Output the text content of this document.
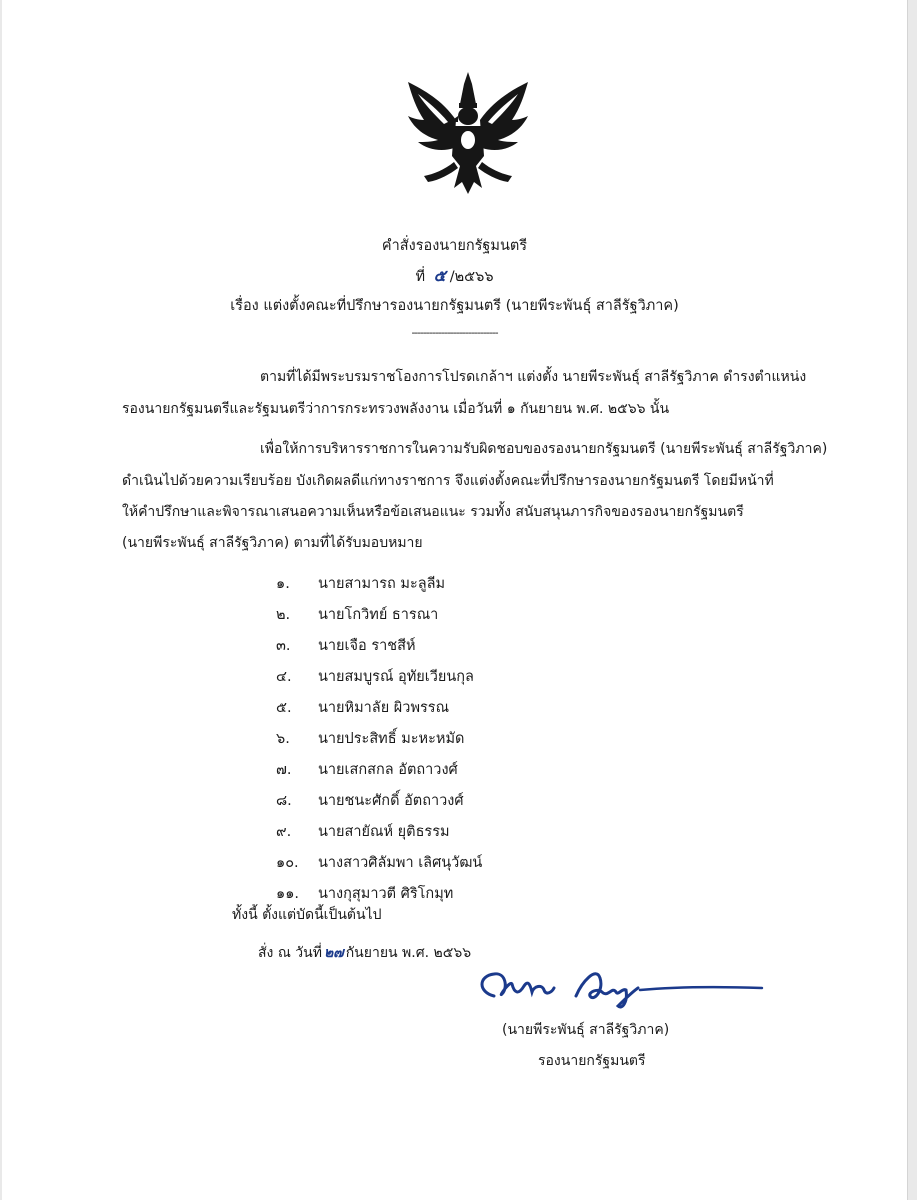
คำสั่งรองนายกรัฐมนตรี
ที่ ๕ /๒๕๖๖
เรื่อง แต่งตั้งคณะที่ปรึกษารองนายกรัฐมนตรี (นายพีระพันธุ์ สาลีรัฐวิภาค)
-----------------------------
ตามที่ได้มีพระบรมราชโองการโปรดเกล้าฯ แต่งตั้ง นายพีระพันธุ์ สาลีรัฐวิภาค ดำรงตำแหน่ง
รองนายกรัฐมนตรีและรัฐมนตรีว่าการกระทรวงพลังงาน เมื่อวันที่ ๑ กันยายน พ.ศ. ๒๕๖๖ นั้น
เพื่อให้การบริหารราชการในความรับผิดชอบของรองนายกรัฐมนตรี (นายพีระพันธุ์ สาลีรัฐวิภาค)
ดำเนินไปด้วยความเรียบร้อย บังเกิดผลดีแก่ทางราชการ จึงแต่งตั้งคณะที่ปรึกษารองนายกรัฐมนตรี โดยมีหน้าที่
ให้คำปรึกษาและพิจารณาเสนอความเห็นหรือข้อเสนอแนะ รวมทั้ง สนับสนุนภารกิจของรองนายกรัฐมนตรี
(นายพีระพันธุ์ สาลีรัฐวิภาค) ตามที่ได้รับมอบหมาย
๑. นายสามารถ มะลูลีม
๒. นายโกวิทย์ ธารณา
๓. นายเจือ ราชสีห์
๔. นายสมบูรณ์ อุทัยเวียนกุล
๕. นายหิมาลัย ผิวพรรณ
๖. นายประสิทธิ์ มะหะหมัด
๗. นายเสกสกล อัตถาวงศ์
๘. นายชนะศักดิ์ อัตถาวงศ์
๙. นายสายัณห์ ยุติธรรม
๑๐. นางสาวศิลัมพา เลิศนุวัฒน์
๑๑. นางกุสุมาวตี ศิริโกมุท
ทั้งนี้ ตั้งแต่บัดนี้เป็นต้นไป
สั่ง ณ วันที่ ๒๗ กันยายน พ.ศ. ๒๕๖๖
(นายพีระพันธุ์ สาลีรัฐวิภาค)
รองนายกรัฐมนตรี
